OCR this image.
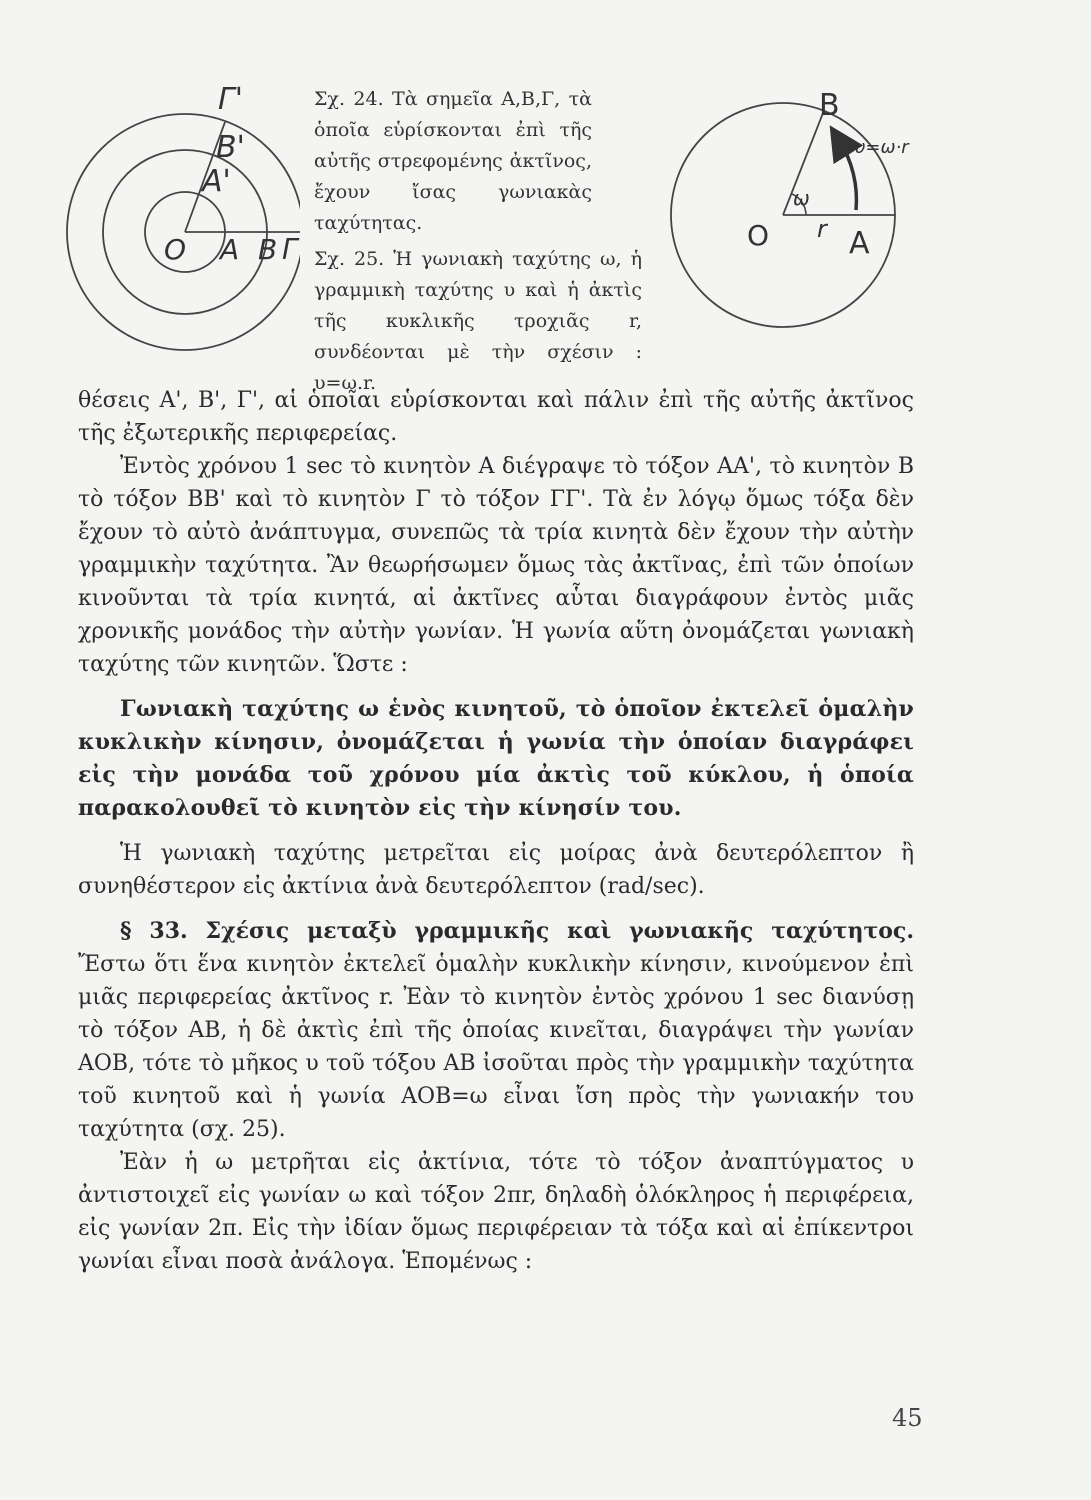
Γ'
B'
A'
O A B Γ

Σχ. 24. Τὰ σημεῖα Α,Β,Γ, τὰ ὁποῖα εὑρίσκονται ἐπὶ τῆς αὐτῆς στρεφομένης ἀκτῖνος, ἔχουν ἴσας γωνιακὰς ταχύτητας.

Σχ. 25. Ἡ γωνιακὴ ταχύτης ω, ἡ γραμμικὴ ταχύτης υ καὶ ἡ ἀκτὶς τῆς κυκλικῆς τροχιᾶς r, συνδέονται μὲ τὴν σχέσιν : υ=ω.r.

B
O	A
r
ω
υ=ω·r

θέσεις Α', Β', Γ', αἱ ὁποῖαι εὑρίσκονται καὶ πάλιν ἐπὶ τῆς αὐτῆς ἀκτῖνος τῆς ἐξωτερικῆς περιφερείας.

Ἐντὸς χρόνου 1 sec τὸ κινητὸν Α διέγραψε τὸ τόξον ΑΑ', τὸ κινητὸν Β τὸ τόξον ΒΒ' καὶ τὸ κινητὸν Γ τὸ τόξον ΓΓ'. Τὰ ἐν λόγῳ ὅμως τόξα δὲν ἔχουν τὸ αὐτὸ ἀνάπτυγμα, συνεπῶς τὰ τρία κινητὰ δὲν ἔχουν τὴν αὐτὴν γραμμικὴν ταχύτητα. Ἂν θεωρήσωμεν ὅμως τὰς ἀκτῖνας, ἐπὶ τῶν ὁποίων κινοῦνται τὰ τρία κινητά, αἱ ἀκτῖνες αὗται διαγράφουν ἐντὸς μιᾶς χρονικῆς μονάδος τὴν αὐτὴν γωνίαν. Ἡ γωνία αὕτη ὀνομάζεται γωνιακὴ ταχύτης τῶν κινητῶν. Ὥστε :

Γωνιακὴ ταχύτης ω ἑνὸς κινητοῦ, τὸ ὁποῖον ἐκτελεῖ ὁμαλὴν κυκλικὴν κίνησιν, ὀνομάζεται ἡ γωνία τὴν ὁποίαν διαγράφει εἰς τὴν μονάδα τοῦ χρόνου μία ἀκτὶς τοῦ κύκλου, ἡ ὁποία παρακολουθεῖ τὸ κινητὸν εἰς τὴν κίνησίν του.

Ἡ γωνιακὴ ταχύτης μετρεῖται εἰς μοίρας ἀνὰ δευτερόλεπτον ἢ συνηθέστερον εἰς ἀκτίνια ἀνὰ δευτερόλεπτον (rad/sec).

§ 33. Σχέσις μεταξὺ γραμμικῆς καὶ γωνιακῆς ταχύτητος. Ἔστω ὅτι ἕνα κινητὸν ἐκτελεῖ ὁμαλὴν κυκλικὴν κίνησιν, κινούμενον ἐπὶ μιᾶς περιφερείας ἀκτῖνος r. Ἐὰν τὸ κινητὸν ἐντὸς χρόνου 1 sec διανύσῃ τὸ τόξον ΑΒ, ἡ δὲ ἀκτὶς ἐπὶ τῆς ὁποίας κινεῖται, διαγράψει τὴν γωνίαν ΑΟΒ, τότε τὸ μῆκος υ τοῦ τόξου ΑΒ ἰσοῦται πρὸς τὴν γραμμικὴν ταχύτητα τοῦ κινητοῦ καὶ ἡ γωνία ΑΟΒ=ω εἶναι ἴση πρὸς τὴν γωνιακήν του ταχύτητα (σχ. 25).

Ἐὰν ἡ ω μετρῆται εἰς ἀκτίνια, τότε τὸ τόξον ἀναπτύγματος υ ἀντιστοιχεῖ εἰς γωνίαν ω καὶ τόξον 2πr, δηλαδὴ ὁλόκληρος ἡ περιφέρεια, εἰς γωνίαν 2π. Εἰς τὴν ἰδίαν ὅμως περιφέρειαν τὰ τόξα καὶ αἱ ἐπίκεντροι γωνίαι εἶναι ποσὰ ἀνάλογα. Ἑπομένως :

45
